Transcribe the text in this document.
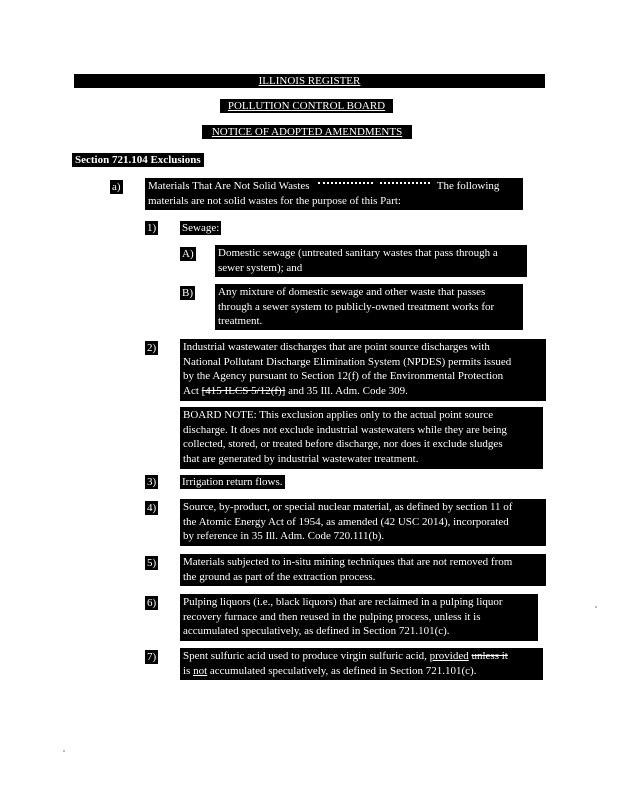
ILLINOIS REGISTER
POLLUTION CONTROL BOARD
NOTICE OF ADOPTED AMENDMENTS
Section 721.104 Exclusions
a) Materials That Are Not Solid Wastes	The following
materials are not solid wastes for the purpose of this Part:
1) Sewage:
A) Domestic sewage (untreated sanitary wastes that pass through a
sewer system); and
B) Any mixture of domestic sewage and other waste that passes
through a sewer system to publicly-owned treatment works for
treatment.
2) Industrial wastewater discharges that are point source discharges with
National Pollutant Discharge Elimination System (NPDES) permits issued
by the Agency pursuant to Section 12(f) of the Environmental Protection
Act [415 ILCS 5/12(f)] and 35 Ill. Adm. Code 309.
BOARD NOTE: This exclusion applies only to the actual point source
discharge. It does not exclude industrial wastewaters while they are being
collected, stored, or treated before discharge, nor does it exclude sludges
that are generated by industrial wastewater treatment.
3) Irrigation return flows.
4) Source, by-product, or special nuclear material, as defined by section 11 of
the Atomic Energy Act of 1954, as amended (42 USC 2014), incorporated
by reference in 35 Ill. Adm. Code 720.111(b).
5) Materials subjected to in-situ mining techniques that are not removed from
the ground as part of the extraction process.
6) Pulping liquors (i.e., black liquors) that are reclaimed in a pulping liquor
recovery furnace and then reused in the pulping process, unless it is
accumulated speculatively, as defined in Section 721.101(c).
7) Spent sulfuric acid used to produce virgin sulfuric acid, provided unless it
is not accumulated speculatively, as defined in Section 721.101(c).
